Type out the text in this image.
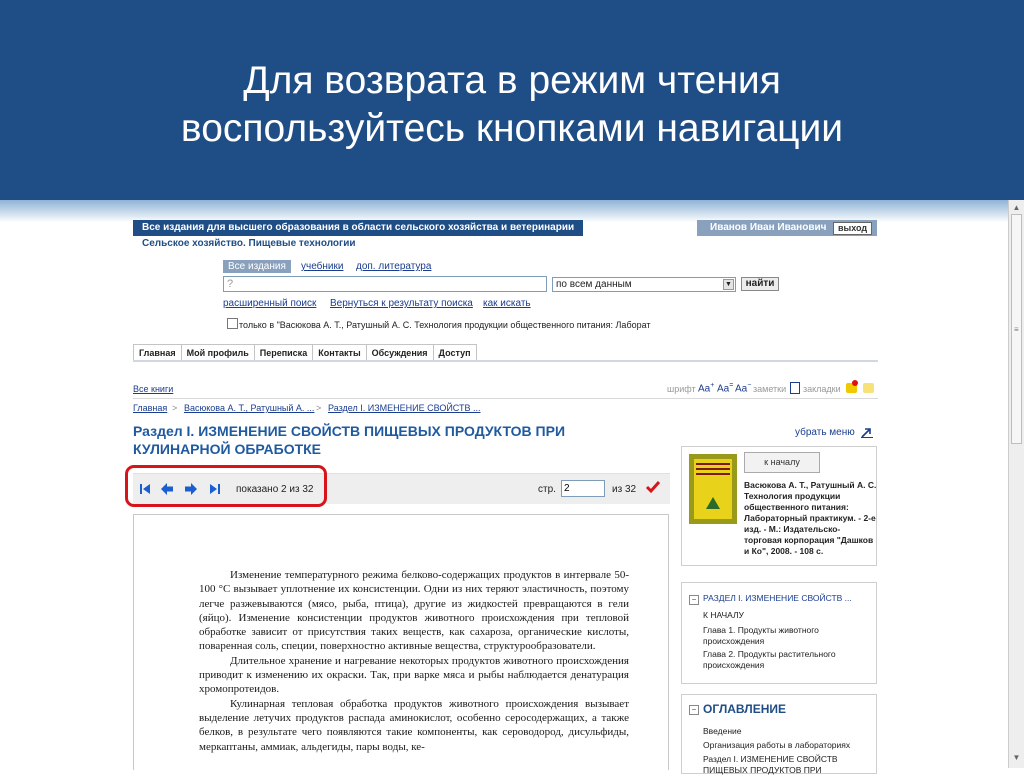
Для возврата в режим чтения
воспользуйтесь кнопками навигации
Все издания для высшего образования в области сельского хозяйства и ветеринарии
Сельское хозяйство. Пищевые технологии
Иванов Иван Иванович	выход
Все издания	учебники доп. литература
?	по всем данным	▼	найти
расширенный поиск Вернуться к результату поиска как искать
только в "Васюкова А. Т., Ратушный А. С. Технология продукции общественного питания: Лаборат
Главная	Мой профиль	Переписка	Контакты	Обсуждения	Доступ
Все книги	шрифт Aa+ Aa= Aa− заметки закладки
Главная > Васюкова А. Т., Ратушный А. ... > Раздел I. ИЗМЕНЕНИЕ СВОЙСТВ ...
Раздел I. ИЗМЕНЕНИЕ СВОЙСТВ ПИЩЕВЫХ ПРОДУКТОВ ПРИ КУЛИНАРНОЙ ОБРАБОТКЕ
убрать меню
показано 2 из 32	стр. 2	из 32

Изменение температурного режима белково-содержащих продуктов в интервале 50-100 °С вызывает уплотнение их консистенции. Одни из них теряют эластичность, поэтому легче разжевываются (мясо, рыба, птица), другие из жидкостей превращаются в гели (яйцо). Изменение консистенции продуктов животного происхождения при тепловой обработке зависит от присутствия таких веществ, как сахароза, органические кислоты, поваренная соль, специи, поверхностно активные вещества, структурообразователи.

Длительное хранение и нагревание некоторых продуктов животного происхождения приводит к изменению их окраски. Так, при варке мяса и рыбы наблюдается денатурация хромопротеидов.

Кулинарная тепловая обработка продуктов животного происхождения вызывает выделение летучих продуктов распада аминокислот, особенно серосодержащих, а также белков, в результате чего появляются такие компоненты, как сероводород, дисульфиды, меркаптаны, аммиак, альдегиды, пары воды, ке-

к началу
Васюкова А. Т., Ратушный А. С. Технология продукции общественного питания: Лабораторный практикум. - 2-е изд. - М.: Издательско-торговая корпорация "Дашков и Ко", 2008. - 108 с.
− РАЗДЕЛ I. ИЗМЕНЕНИЕ СВОЙСТВ ...
К НАЧАЛУ
Глава 1. Продукты животного происхождения
Глава 2. Продукты растительного происхождения
− ОГЛАВЛЕНИЕ
Введение
Организация работы в лабораториях
Раздел I. ИЗМЕНЕНИЕ СВОЙСТВ ПИЩЕВЫХ ПРОДУКТОВ ПРИ
▲
≡
▼
